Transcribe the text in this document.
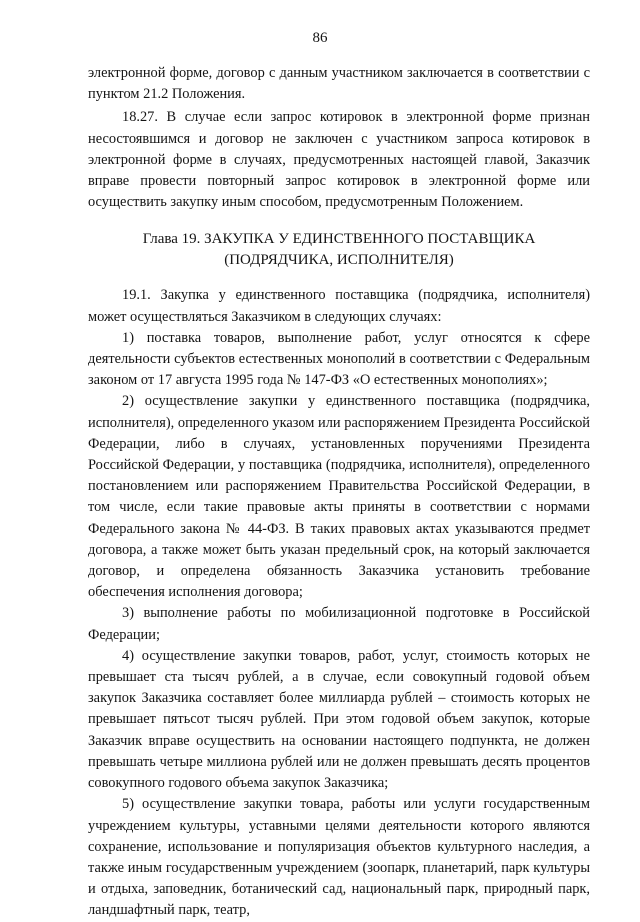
86

электронной форме, договор с данным участником заключается в соответствии с пунктом 21.2 Положения.

18.27. В случае если запрос котировок в электронной форме признан несостоявшимся и договор не заключен с участником запроса котировок в электронной форме в случаях, предусмотренных настоящей главой, Заказчик вправе провести повторный запрос котировок в электронной форме или осуществить закупку иным способом, предусмотренным Положением.

Глава 19. ЗАКУПКА У ЕДИНСТВЕННОГО ПОСТАВЩИКА
(ПОДРЯДЧИКА, ИСПОЛНИТЕЛЯ)

19.1. Закупка у единственного поставщика (подрядчика, исполнителя) может осуществляться Заказчиком в следующих случаях:

1) поставка товаров, выполнение работ, услуг относятся к сфере деятельности субъектов естественных монополий в соответствии с Федеральным законом от 17 августа 1995 года № 147-ФЗ «О естественных монополиях»;

2) осуществление закупки у единственного поставщика (подрядчика, исполнителя), определенного указом или распоряжением Президента Российской Федерации, либо в случаях, установленных поручениями Президента Российской Федерации, у поставщика (подрядчика, исполнителя), определенного постановлением или распоряжением Правительства Российской Федерации, в том числе, если такие правовые акты приняты в соответствии с нормами Федерального закона № 44-ФЗ. В таких правовых актах указываются предмет договора, а также может быть указан предельный срок, на который заключается договор, и определена обязанность Заказчика установить требование обеспечения исполнения договора;

3) выполнение работы по мобилизационной подготовке в Российской Федерации;

4) осуществление закупки товаров, работ, услуг, стоимость которых не превышает ста тысяч рублей, а в случае, если совокупный годовой объем закупок Заказчика составляет более миллиарда рублей – стоимость которых не превышает пятьсот тысяч рублей. При этом годовой объем закупок, которые Заказчик вправе осуществить на основании настоящего подпункта, не должен превышать четыре миллиона рублей или не должен превышать десять процентов совокупного годового объема закупок Заказчика;

5) осуществление закупки товара, работы или услуги государственным учреждением культуры, уставными целями деятельности которого являются сохранение, использование и популяризация объектов культурного наследия, а также иным государственным учреждением (зоопарк, планетарий, парк культуры и отдыха, заповедник, ботанический сад, национальный парк, природный парк, ландшафтный парк, театр,
